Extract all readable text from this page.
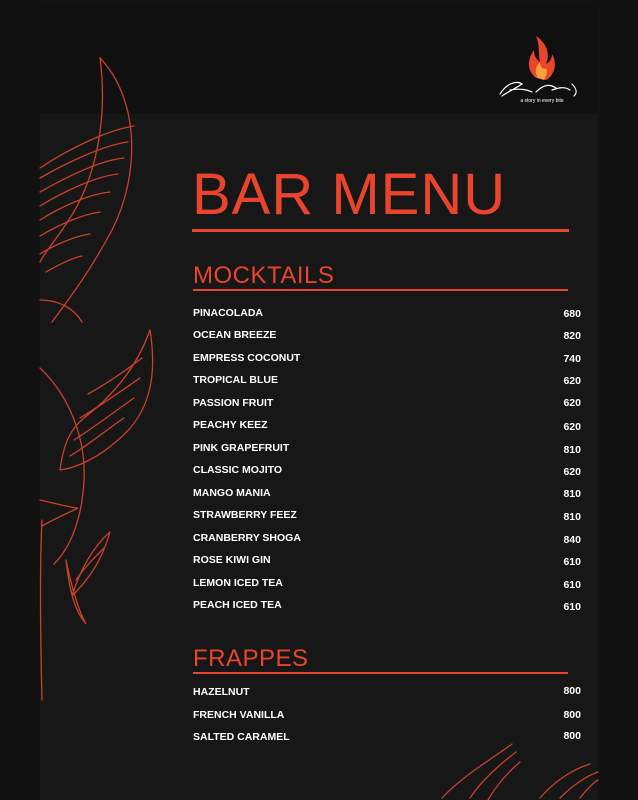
a story in every bite
BAR MENU
MOCKTAILS
PINACOLADA	680
OCEAN BREEZE	820
EMPRESS COCONUT	740
TROPICAL BLUE	620
PASSION FRUIT	620
PEACHY KEEZ	620
PINK GRAPEFRUIT	810
CLASSIC MOJITO	620
MANGO MANIA	810
STRAWBERRY FEEZ	810
CRANBERRY SHOGA	840
ROSE KIWI GIN	610
LEMON ICED TEA	610
PEACH ICED TEA	610
FRAPPES
HAZELNUT	800
FRENCH VANILLA	800
SALTED CARAMEL	800
